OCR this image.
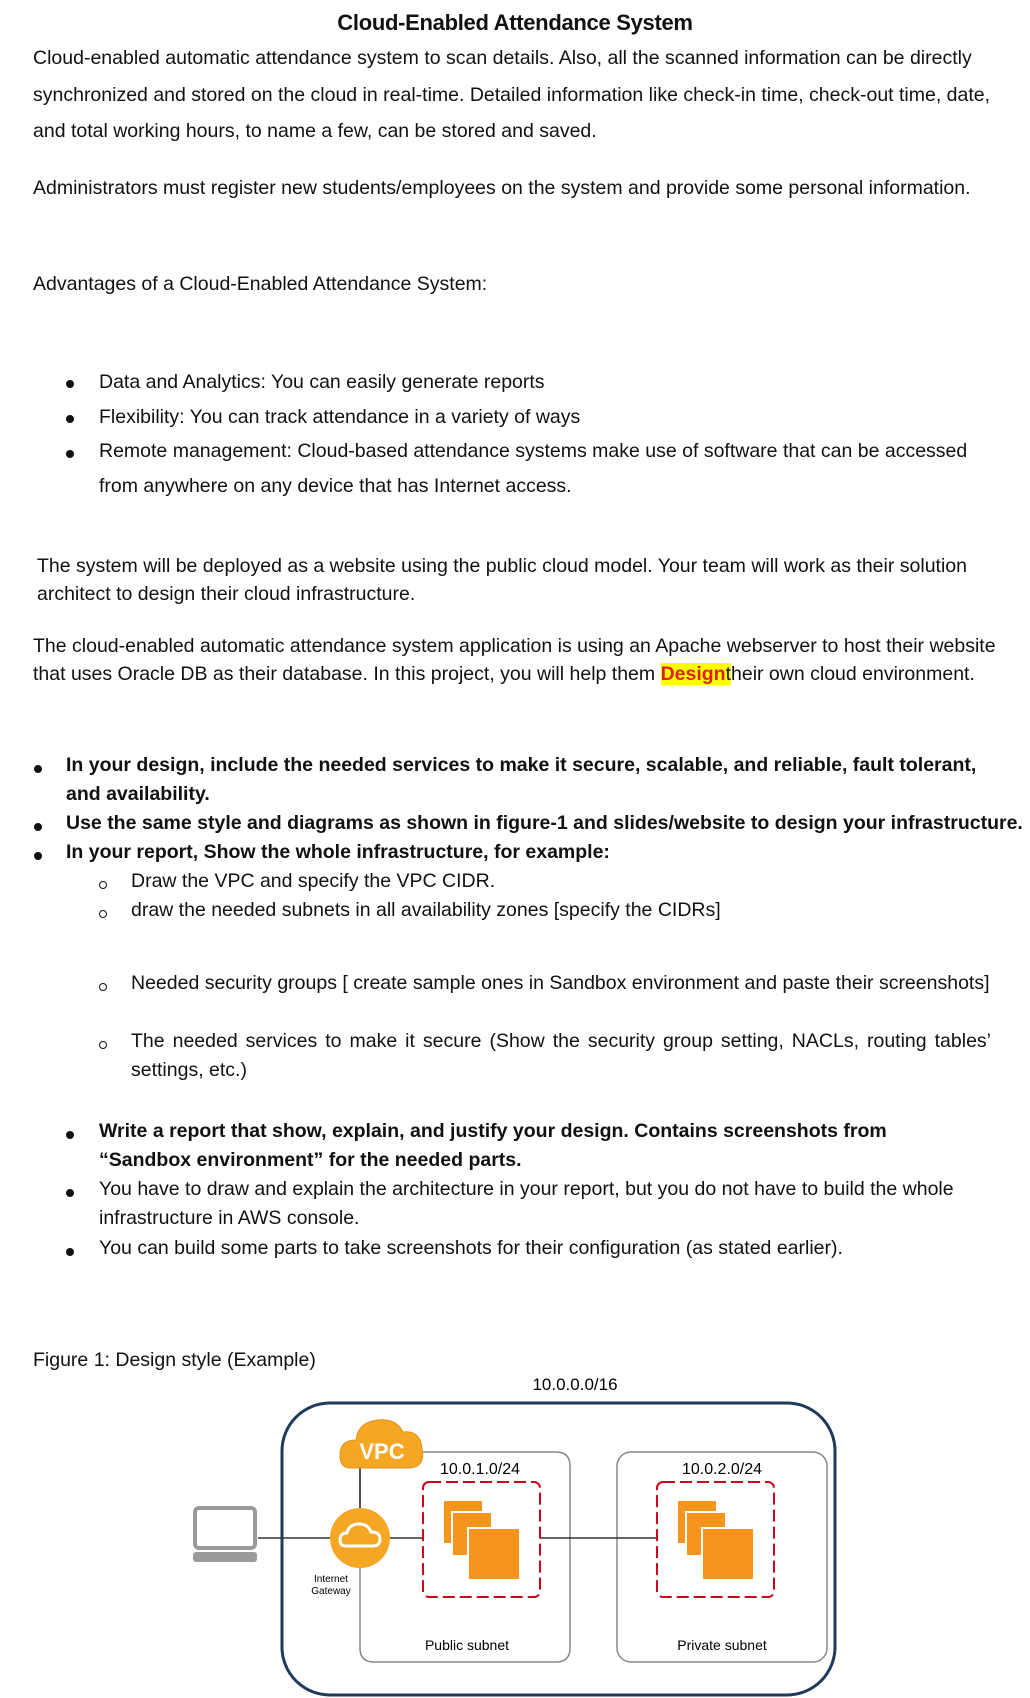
Cloud-Enabled Attendance System
Cloud-enabled automatic attendance system to scan details. Also, all the scanned information can be directly synchronized and stored on the cloud in real-time. Detailed information like check-in time, check-out time, date, and total working hours, to name a few, can be stored and saved.
Administrators must register new students/employees on the system and provide some personal information.
Advantages of a Cloud-Enabled Attendance System:
Data and Analytics: You can easily generate reports
Flexibility: You can track attendance in a variety of ways
Remote management: Cloud-based attendance systems make use of software that can be accessed from anywhere on any device that has Internet access.
The system will be deployed as a website using the public cloud model. Your team will work as their solution architect to design their cloud infrastructure.
The cloud-enabled automatic attendance system application is using an Apache webserver to host their website that uses Oracle DB as their database. In this project, you will help them Designtheir own cloud environment.
In your design, include the needed services to make it secure, scalable, and reliable, fault tolerant, and availability.
Use the same style and diagrams as shown in figure-1 and slides/website to design your infrastructure.
In your report, Show the whole infrastructure, for example:
Draw the VPC and specify the VPC CIDR.
draw the needed subnets in all availability zones [specify the CIDRs]
Needed security groups [ create sample ones in Sandbox environment and paste their screenshots]
The needed services to make it secure (Show the security group setting, NACLs, routing tables’ settings, etc.)
Write a report that show, explain, and justify your design. Contains screenshots from “Sandbox environment” for the needed parts.
You have to draw and explain the architecture in your report, but you do not have to build the whole infrastructure in AWS console.
You can build some parts to take screenshots for their configuration (as stated earlier).
Figure 1: Design style (Example)
10.0.0.0/16
10.0.1.0/24	10.0.2.0/24
VPC
Internet
Gateway
Public subnet	Private subnet
